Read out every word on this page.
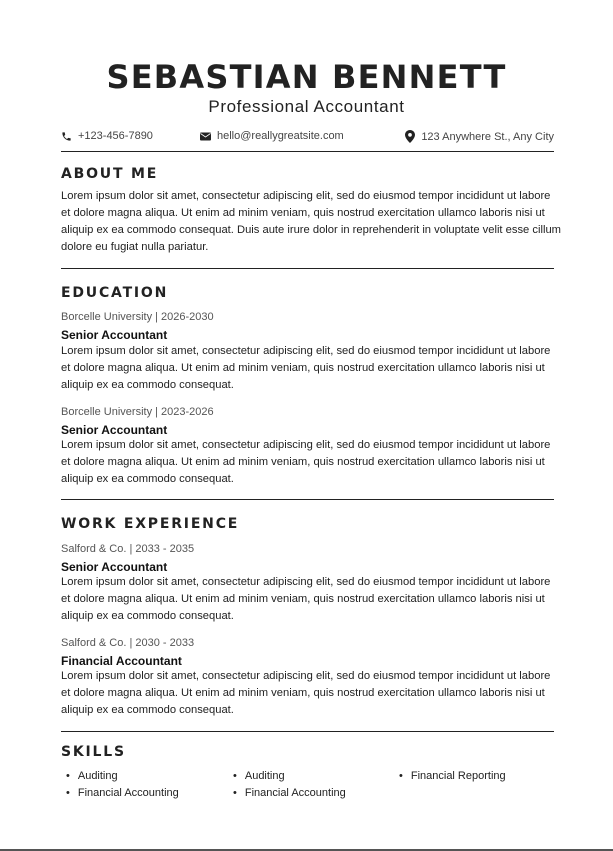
SEBASTIAN BENNETT
Professional Accountant
+123-456-7890	hello@reallygreatsite.com	123 Anywhere St., Any City
ABOUT ME

Lorem ipsum dolor sit amet, consectetur adipiscing elit, sed do eiusmod tempor incididunt ut labore et dolore magna aliqua. Ut enim ad minim veniam, quis nostrud exercitation ullamco laboris nisi ut aliquip ex ea commodo consequat. Duis aute irure dolor in reprehenderit in voluptate velit esse cillum dolore eu fugiat nulla pariatur.

EDUCATION
Borcelle University | 2026-2030
Senior Accountant

Lorem ipsum dolor sit amet, consectetur adipiscing elit, sed do eiusmod tempor incididunt ut labore et dolore magna aliqua. Ut enim ad minim veniam, quis nostrud exercitation ullamco laboris nisi ut aliquip ex ea commodo consequat.

Borcelle University | 2023-2026
Senior Accountant

Lorem ipsum dolor sit amet, consectetur adipiscing elit, sed do eiusmod tempor incididunt ut labore et dolore magna aliqua. Ut enim ad minim veniam, quis nostrud exercitation ullamco laboris nisi ut aliquip ex ea commodo consequat.

WORK EXPERIENCE
Salford & Co. | 2033 - 2035
Senior Accountant

Lorem ipsum dolor sit amet, consectetur adipiscing elit, sed do eiusmod tempor incididunt ut labore et dolore magna aliqua. Ut enim ad minim veniam, quis nostrud exercitation ullamco laboris nisi ut aliquip ex ea commodo consequat.

Salford & Co. | 2030 - 2033
Financial Accountant

Lorem ipsum dolor sit amet, consectetur adipiscing elit, sed do eiusmod tempor incididunt ut labore et dolore magna aliqua. Ut enim ad minim veniam, quis nostrud exercitation ullamco laboris nisi ut aliquip ex ea commodo consequat.

SKILLS
• Auditing
• Financial Accounting
• Auditing
• Financial Accounting
• Financial Reporting
